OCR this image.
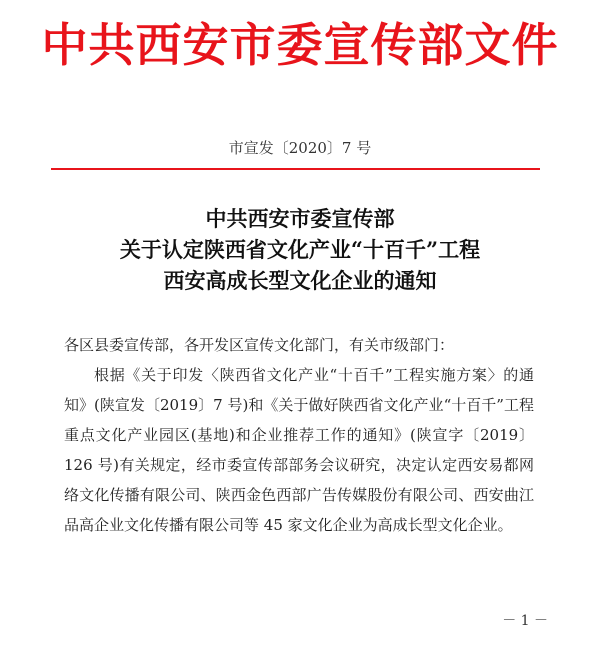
中共西安市委宣传部文件
市宣发〔2020〕7 号
中共西安市委宣传部
关于认定陕西省文化产业“十百千”工程
西安高成长型文化企业的通知
各区县委宣传部，各开发区宣传文化部门，有关市级部门：
根据《关于印发〈陕西省文化产业“十百千”工程实施方案〉的通知》(陕宣发〔2019〕7 号)和《关于做好陕西省文化产业“十百千”工程重点文化产业园区(基地)和企业推荐工作的通知》(陕宣字〔2019〕126 号)有关规定，经市委宣传部部务会议研究，决定认定西安易都网络文化传播有限公司、陕西金色西部广告传媒股份有限公司、西安曲江品高企业文化传播有限公司等 45 家文化企业为高成长型文化企业。
－ 1 －
